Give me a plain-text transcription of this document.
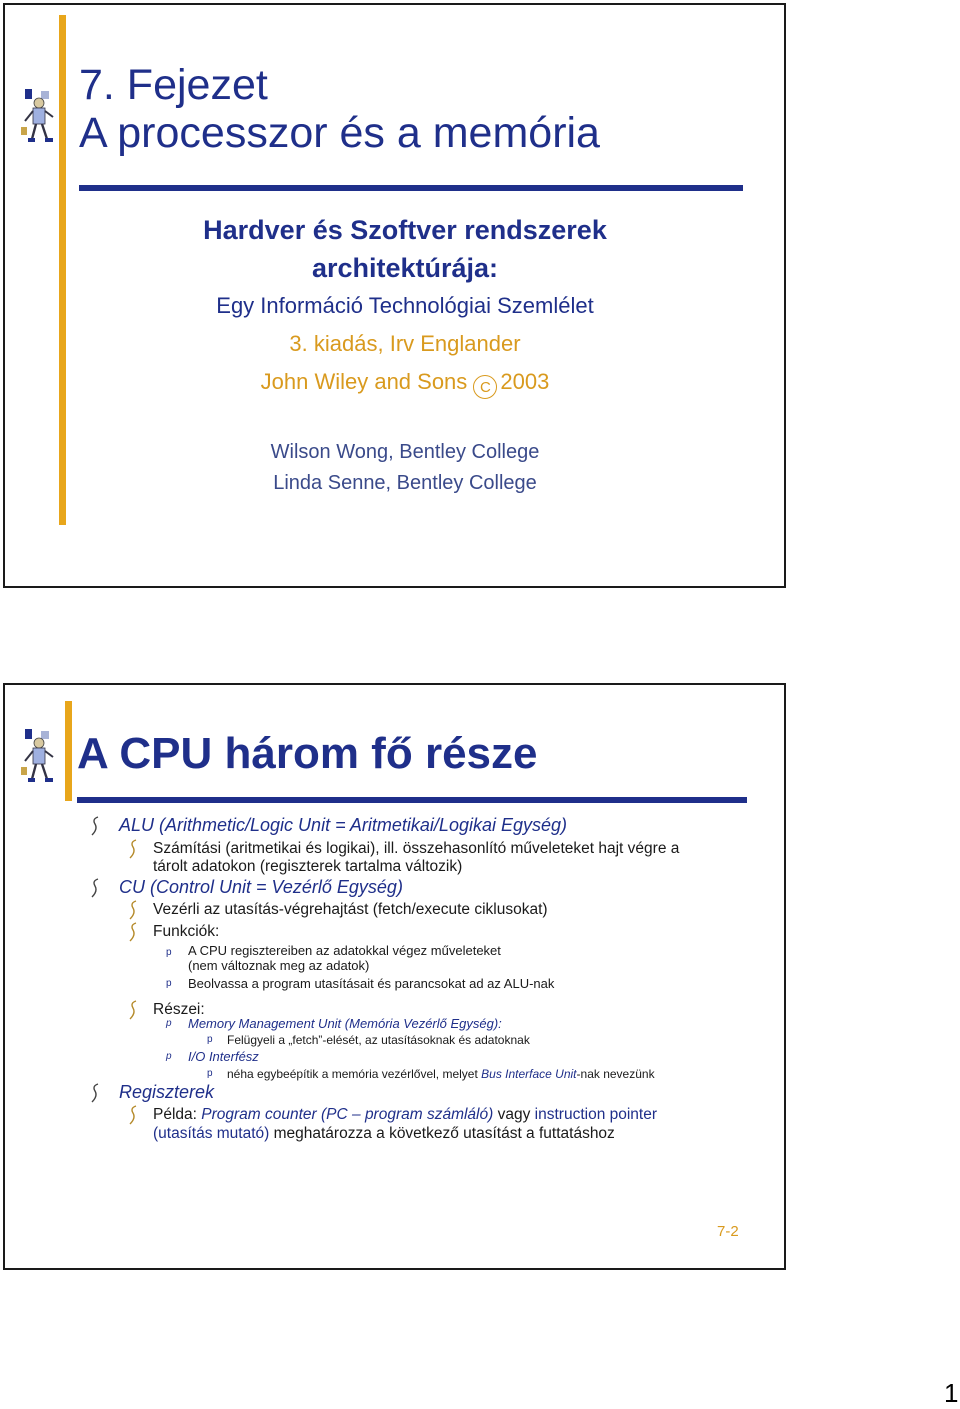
7. Fejezet
A processzor és a memória
Hardver és Szoftver rendszerek
architektúrája:
Egy Információ Technológiai Szemlélet
3. kiadás, Irv Englander
John Wiley and Sons C 2003
Wilson Wong, Bentley College
Linda Senne, Bentley College
A CPU három fő része
ALU (Arithmetic/Logic Unit = Aritmetikai/Logikai Egység)
Számítási (aritmetikai és logikai), ill. összehasonlító műveleteket hajt végre a
tárolt adatokon (regiszterek tartalma változik)
CU (Control Unit = Vezérlő Egység)
Vezérli az utasítás-végrehajtást (fetch/execute ciklusokat)
Funkciók:
p A CPU regisztereiben az adatokkal végez műveleteket
(nem változnak meg az adatok)
p Beolvassa a program utasításait és parancsokat ad az ALU-nak
Részei:
p Memory Management Unit (Memória Vezérlő Egység):
p Felügyeli a „fetch”-elését, az utasításoknak és adatoknak
p I/O Interfész
p néha egybeépítik a memória vezérlővel, melyet Bus Interface Unit-nak nevezünk
Regiszterek
Példa: Program counter (PC – program számláló) vagy instruction pointer
(utasítás mutató) meghatározza a következő utasítást a futtatáshoz
7-2
1
